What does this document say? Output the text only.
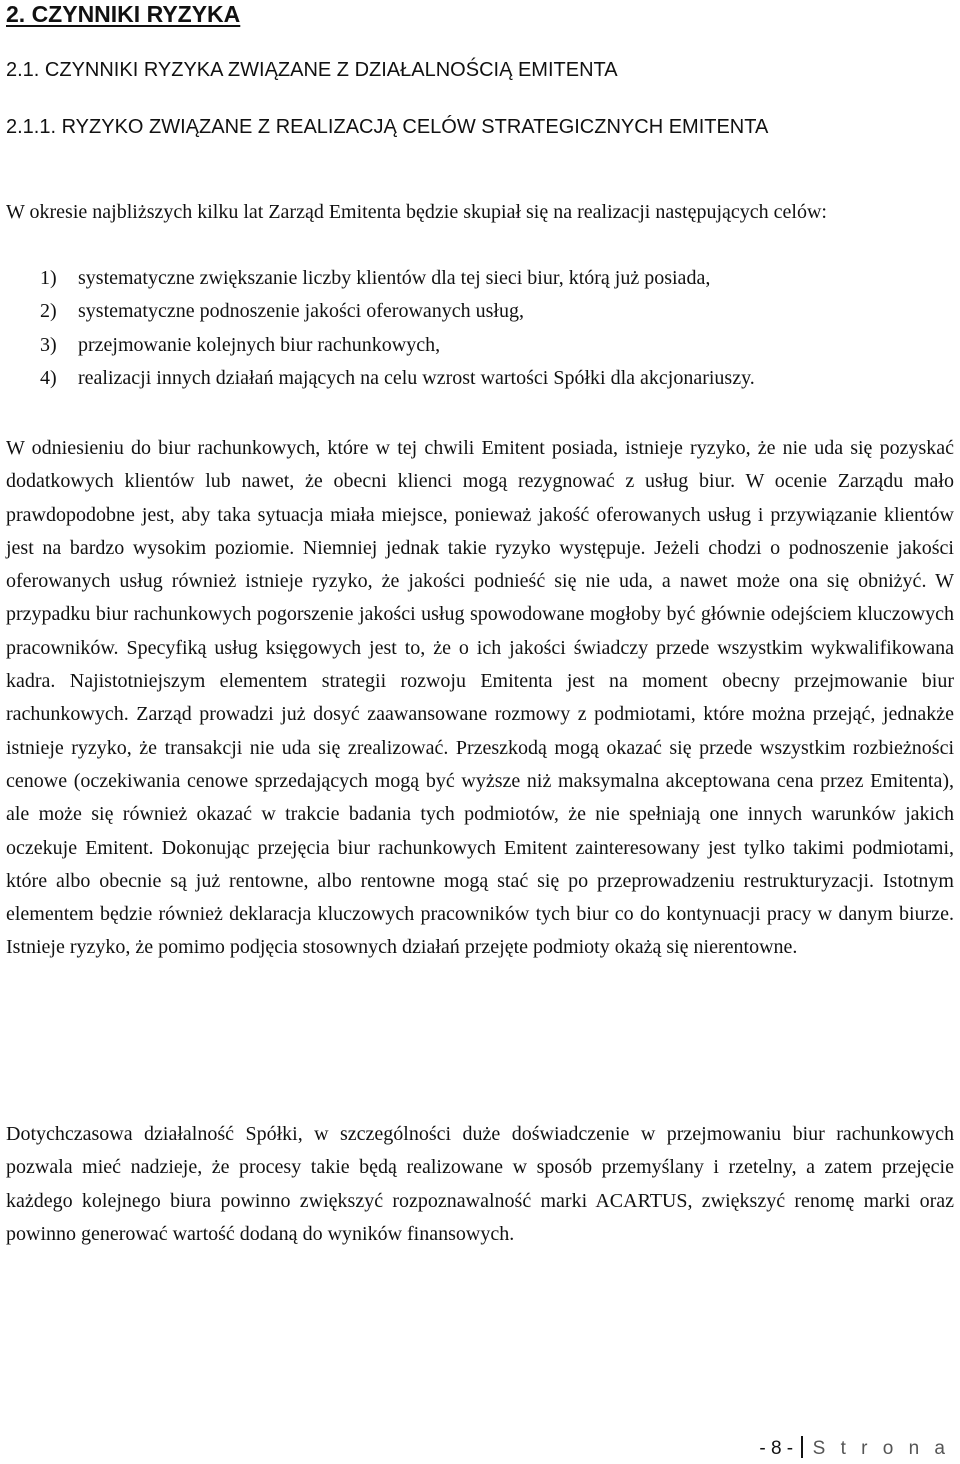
2. CZYNNIKI RYZYKA
2.1. CZYNNIKI RYZYKA ZWIĄZANE Z DZIAŁALNOŚCIĄ EMITENTA
2.1.1. RYZYKO ZWIĄZANE Z REALIZACJĄ CELÓW STRATEGICZNYCH EMITENTA

W okresie najbliższych kilku lat Zarząd Emitenta będzie skupiał się na realizacji następujących celów:

1) systematyczne zwiększanie liczby klientów dla tej sieci biur, którą już posiada,
2) systematyczne podnoszenie jakości oferowanych usług,
3) przejmowanie kolejnych biur rachunkowych,
4) realizacji innych działań mających na celu wzrost wartości Spółki dla akcjonariuszy.

W odniesieniu do biur rachunkowych, które w tej chwili Emitent posiada, istnieje ryzyko, że nie uda się pozyskać dodatkowych klientów lub nawet, że obecni klienci mogą rezygnować z usług biur. W ocenie Zarządu mało prawdopodobne jest, aby taka sytuacja miała miejsce, ponieważ jakość oferowanych usług i przywiązanie klientów jest na bardzo wysokim poziomie. Niemniej jednak takie ryzyko występuje. Jeżeli chodzi o podnoszenie jakości oferowanych usług również istnieje ryzyko, że jakości podnieść się nie uda, a nawet może ona się obniżyć. W przypadku biur rachunkowych pogorszenie jakości usług spowodowane mogłoby być głównie odejściem kluczowych pracowników. Specyfiką usług księgowych jest to, że o ich jakości świadczy przede wszystkim wykwalifikowana kadra. Najistotniejszym elementem strategii rozwoju Emitenta jest na moment obecny przejmowanie biur rachunkowych. Zarząd prowadzi już dosyć zaawansowane rozmowy z podmiotami, które można przejąć, jednakże istnieje ryzyko, że transakcji nie uda się zrealizować. Przeszkodą mogą okazać się przede wszystkim rozbieżności cenowe (oczekiwania cenowe sprzedających mogą być wyższe niż maksymalna akceptowana cena przez Emitenta), ale może się również okazać w trakcie badania tych podmiotów, że nie spełniają one innych warunków jakich oczekuje Emitent. Dokonując przejęcia biur rachunkowych Emitent zainteresowany jest tylko takimi podmiotami, które albo obecnie są już rentowne, albo rentowne mogą stać się po przeprowadzeniu restrukturyzacji. Istotnym elementem będzie również deklaracja kluczowych pracowników tych biur co do kontynuacji pracy w danym biurze. Istnieje ryzyko, że pomimo podjęcia stosownych działań przejęte podmioty okażą się nierentowne.

Dotychczasowa działalność Spółki, w szczególności duże doświadczenie w przejmowaniu biur rachunkowych pozwala mieć nadzieje, że procesy takie będą realizowane w sposób przemyślany i rzetelny, a zatem przejęcie każdego kolejnego biura powinno zwiększyć rozpoznawalność marki ACARTUS, zwiększyć renomę marki oraz powinno generować wartość dodaną do wyników finansowych.

- 8 - S t r o n a
